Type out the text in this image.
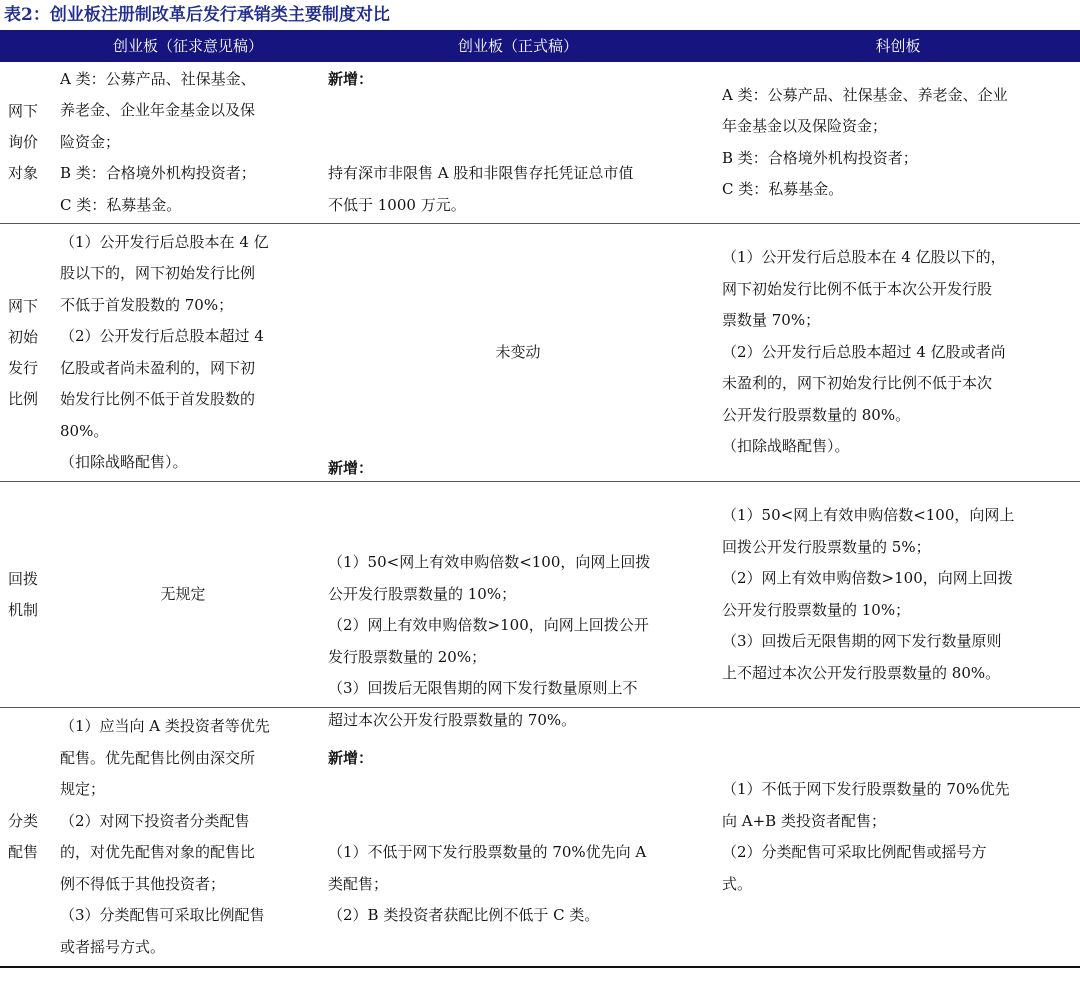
表2：创业板注册制改革后发行承销类主要制度对比
创业板（征求意见稿）	创业板（正式稿）	科创板
网下询价对象
A 类：公募产品、社保基金、
养老金、企业年金基金以及保
险资金；
B 类：合格境外机构投资者；
C 类：私募基金。

新增：

持有深市非限售 A 股和非限售存托凭证总市值
不低于 1000 万元。

A 类：公募产品、社保基金、养老金、企业
年金基金以及保险资金；
B 类：合格境外机构投资者；
C 类：私募基金。
网下初始发行比例
（1）公开发行后总股本在 4 亿
股以下的，网下初始发行比例
不低于首发股数的 70%；
（2）公开发行后总股本超过 4
亿股或者尚未盈利的，网下初
始发行比例不低于首发股数的
80%。
（扣除战略配售）。
未变动
（1）公开发行后总股本在 4 亿股以下的，
网下初始发行比例不低于本次公开发行股
票数量 70%；
（2）公开发行后总股本超过 4 亿股或者尚
未盈利的，网下初始发行比例不低于本次
公开发行股票数量的 80%。
（扣除战略配售）。
回拨机制
无规定

新增：

（1）50<网上有效申购倍数<100，向网上回拨
公开发行股票数量的 10%；
（2）网上有效申购倍数>100，向网上回拨公开
发行股票数量的 20%；
（3）回拨后无限售期的网下发行数量原则上不
超过本次公开发行股票数量的 70%。

（1）50<网上有效申购倍数<100，向网上
回拨公开发行股票数量的 5%；
（2）网上有效申购倍数>100，向网上回拨
公开发行股票数量的 10%；
（3）回拨后无限售期的网下发行数量原则
上不超过本次公开发行股票数量的 80%。
分类配售
（1）应当向 A 类投资者等优先
配售。优先配售比例由深交所
规定；
（2）对网下投资者分类配售
的，对优先配售对象的配售比
例不得低于其他投资者；
（3）分类配售可采取比例配售
或者摇号方式。

新增：

（1）不低于网下发行股票数量的 70%优先向 A
类配售；
（2）B 类投资者获配比例不低于 C 类。

（1）不低于网下发行股票数量的 70%优先
向 A+B 类投资者配售；
（2）分类配售可采取比例配售或摇号方
式。
